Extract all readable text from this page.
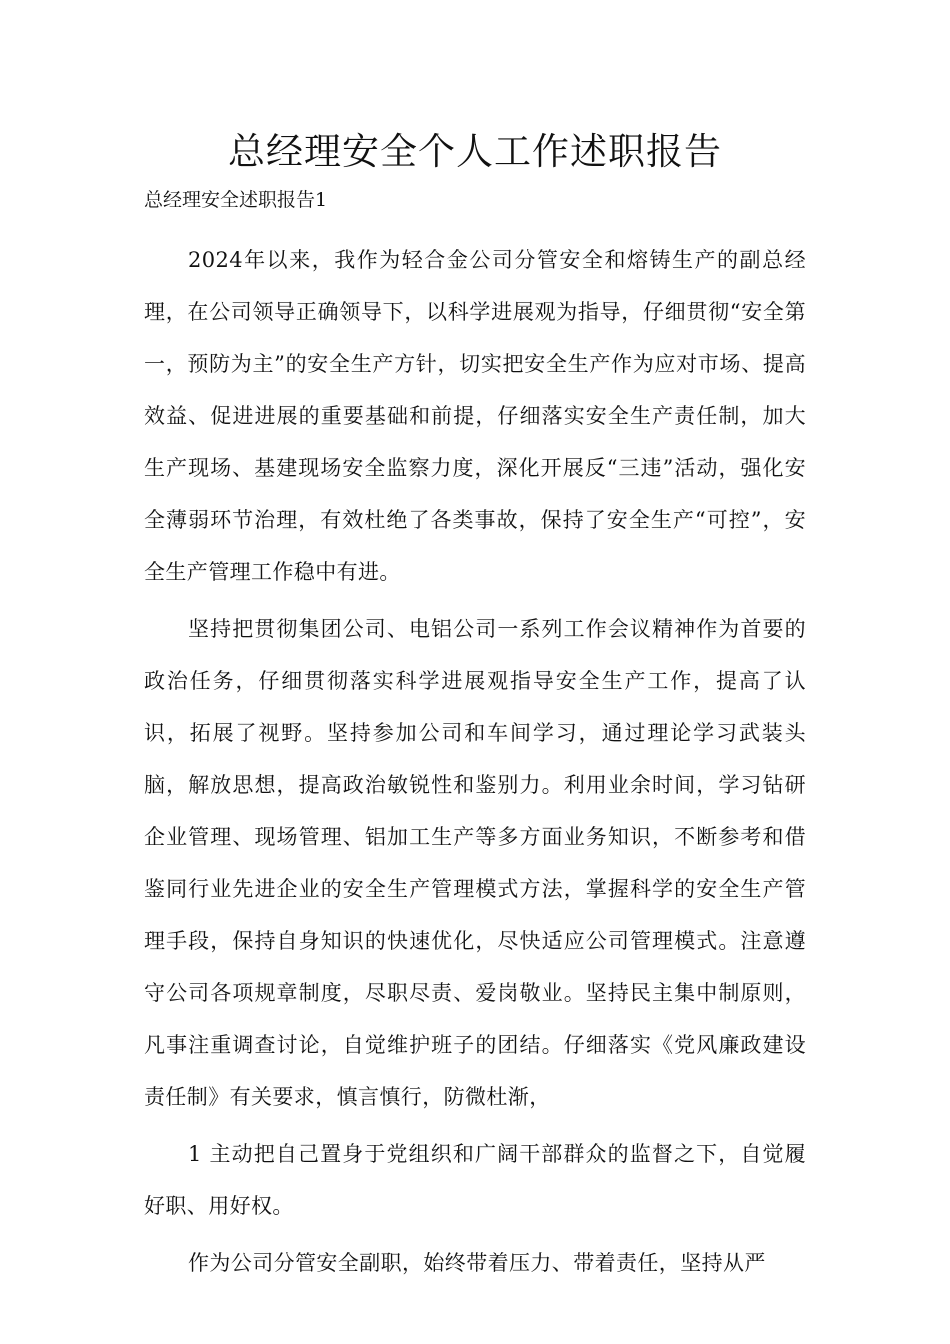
总经理安全个人工作述职报告

总经理安全述职报告1

2024年以来，我作为轻合金公司分管安全和熔铸生产的副总经理，在公司领导正确领导下，以科学进展观为指导，仔细贯彻“安全第一，预防为主”的安全生产方针，切实把安全生产作为应对市场、提高效益、促进进展的重要基础和前提，仔细落实安全生产责任制，加大生产现场、基建现场安全监察力度，深化开展反“三违”活动，强化安全薄弱环节治理，有效杜绝了各类事故，保持了安全生产“可控”，安全生产管理工作稳中有进。

坚持把贯彻集团公司、电铝公司一系列工作会议精神作为首要的政治任务，仔细贯彻落实科学进展观指导安全生产工作，提高了认识，拓展了视野。坚持参加公司和车间学习，通过理论学习武装头脑，解放思想，提高政治敏锐性和鉴别力。利用业余时间，学习钻研企业管理、现场管理、铝加工生产等多方面业务知识，不断参考和借鉴同行业先进企业的安全生产管理模式方法，掌握科学的安全生产管理手段，保持自身知识的快速优化，尽快适应公司管理模式。注意遵守公司各项规章制度，尽职尽责、爱岗敬业。坚持民主集中制原则，凡事注重调查讨论，自觉维护班子的团结。仔细落实《党风廉政建设责任制》有关要求，慎言慎行，防微杜渐，

1 主动把自己置身于党组织和广阔干部群众的监督之下，自觉履好职、用好权。

作为公司分管安全副职，始终带着压力、带着责任，坚持从严
